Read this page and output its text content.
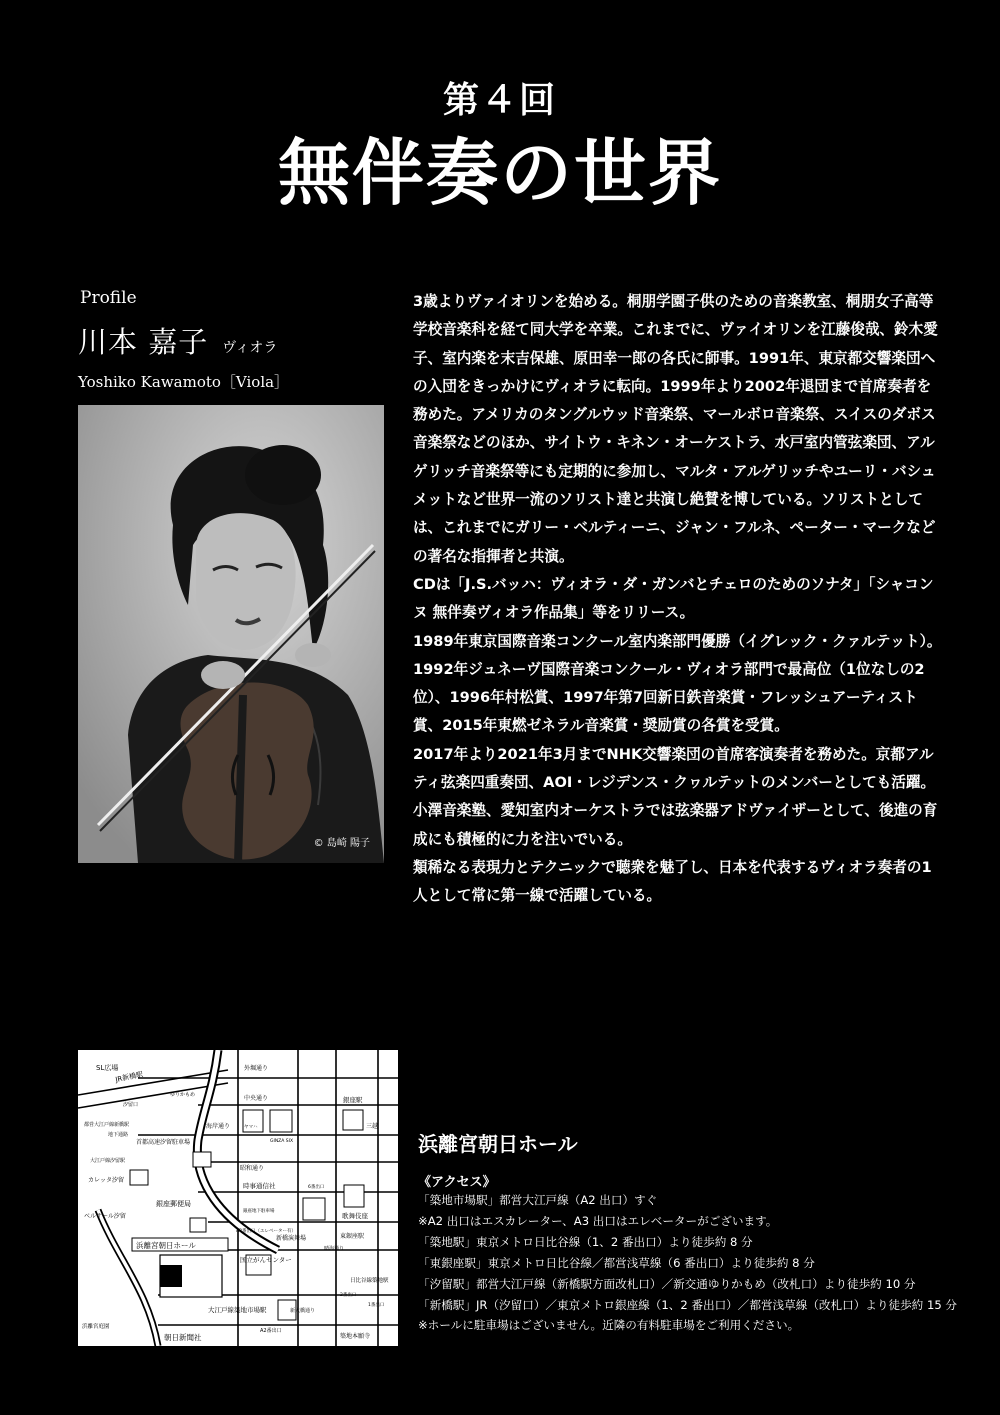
第４回
無伴奏の世界
Profile
川本 嘉子 ヴィオラ
Yoshiko Kawamoto［Viola］
© 島崎 陽子

3歳よりヴァイオリンを始める。桐朋学園子供のための音楽教室、桐朋女子高等学校音楽科を経て同大学を卒業。これまでに、ヴァイオリンを江藤俊哉、鈴木愛子、室内楽を末吉保雄、原田幸一郎の各氏に師事。1991年、東京都交響楽団への入団をきっかけにヴィオラに転向。1999年より2002年退団まで首席奏者を務めた。アメリカのタングルウッド音楽祭、マールボロ音楽祭、スイスのダボス音楽祭などのほか、サイトウ・キネン・オーケストラ、水戸室内管弦楽団、アルゲリッチ音楽祭等にも定期的に参加し、マルタ・アルゲリッチやユーリ・バシュメットなど世界一流のソリスト達と共演し絶賛を博している。ソリストとしては、これまでにガリー・ベルティーニ、ジャン・フルネ、ペーター・マークなどの著名な指揮者と共演。

CDは「J.S.バッハ：ヴィオラ・ダ・ガンバとチェロのためのソナタ」「シャコンヌ 無伴奏ヴィオラ作品集」等をリリース。

1989年東京国際音楽コンクール室内楽部門優勝（イグレック・クァルテット）。1992年ジュネーヴ国際音楽コンクール・ヴィオラ部門で最高位（1位なしの2位）、1996年村松賞、1997年第7回新日鉄音楽賞・フレッシュアーティスト賞、2015年東燃ゼネラル音楽賞・奨励賞の各賞を受賞。

2017年より2021年3月までNHK交響楽団の首席客演奏者を務めた。京都アルティ弦楽四重奏団、AOI・レジデンス・クヮルテットのメンバーとしても活躍。

小澤音楽塾、愛知室内オーケストラでは弦楽器アドヴァイザーとして、後進の育成にも積極的に力を注いでいる。

類稀なる表現力とテクニックで聴衆を魅了し、日本を代表するヴィオラ奏者の1人として常に第一線で活躍している。

SL広場
JR新橋駅
汐留口
ゆりかもめ
都営大江戸線新橋駅
地下通路
首都高速汐留駐車場
大江戸線汐留駅
カレッタ汐留
銀座郵便局
ベルサール汐留
浜離宮朝日ホール
浜離宮庭園
朝日新聞社
外堀通り
中央通り
海岸通り
昭和通り
ヤマハ
GINZA SIX
銀座駅
三越
時事通信社	6番出口
歌舞伎座
銀座地下駐車場
A3番出口（エレベーター有）
新橋演舞場
晴海通り
東銀座駅
国立がんセンター
日比谷線築地駅
2番出口
1番出口
大江戸線築地市場駅
A2番出口
新大橋通り
築地本願寺
浜離宮朝日ホール
《アクセス》
「築地市場駅」都営大江戸線（A2 出口）すぐ
※A2 出口はエスカレーター、A3 出口はエレベーターがございます。
「築地駅」東京メトロ日比谷線（1、2 番出口）より徒歩約 8 分
「東銀座駅」東京メトロ日比谷線／都営浅草線（6 番出口）より徒歩約 8 分
「汐留駅」都営大江戸線（新橋駅方面改札口）／新交通ゆりかもめ（改札口）より徒歩約 10 分
「新橋駅」JR（汐留口）／東京メトロ銀座線（1、2 番出口）／都営浅草線（改札口）より徒歩約 15 分
※ホールに駐車場はございません。近隣の有料駐車場をご利用ください。
